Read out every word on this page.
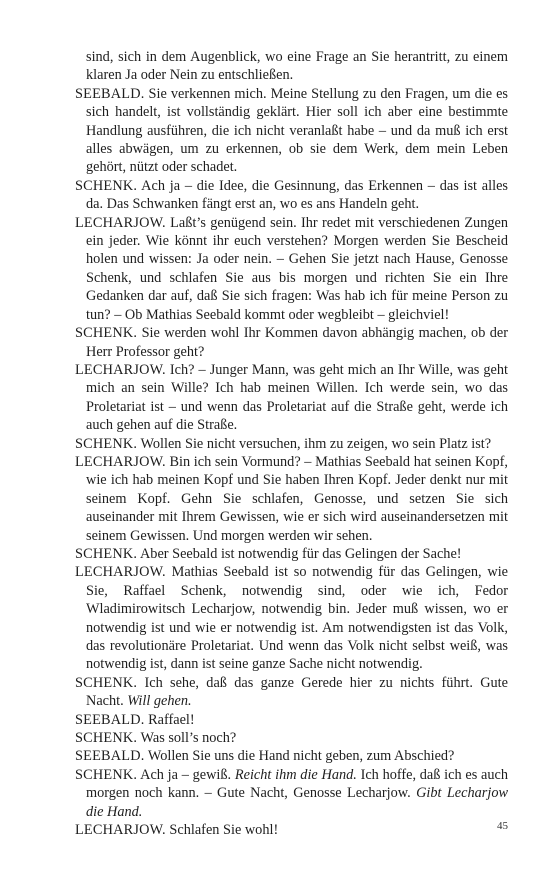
sind, sich in dem Augenblick, wo eine Frage an Sie herantritt, zu einem klaren Ja oder Nein zu entschließen.

SEEBALD. Sie verkennen mich. Meine Stellung zu den Fragen, um die es sich handelt, ist vollständig geklärt. Hier soll ich aber eine bestimmte Handlung ausführen, die ich nicht veranlaßt habe – und da muß ich erst alles abwägen, um zu erkennen, ob sie dem Werk, dem mein Leben gehört, nützt oder schadet.

SCHENK. Ach ja – die Idee, die Gesinnung, das Erkennen – das ist alles da. Das Schwanken fängt erst an, wo es ans Handeln geht.

LECHARJOW. Laßt’s genügend sein. Ihr redet mit verschiedenen Zungen ein jeder. Wie könnt ihr euch verstehen? Morgen werden Sie Bescheid holen und wissen: Ja oder nein. – Gehen Sie jetzt nach Hause, Genosse Schenk, und schlafen Sie aus bis morgen und richten Sie ein Ihre Gedanken dar auf, daß Sie sich fragen: Was hab ich für meine Person zu tun? – Ob Mathias Seebald kommt oder wegbleibt – gleichviel!

SCHENK. Sie werden wohl Ihr Kommen davon abhängig machen, ob der Herr Professor geht?

LECHARJOW. Ich? – Junger Mann, was geht mich an Ihr Wille, was geht mich an sein Wille? Ich hab meinen Willen. Ich werde sein, wo das Proletariat ist – und wenn das Proletariat auf die Straße geht, werde ich auch gehen auf die Straße.

SCHENK. Wollen Sie nicht versuchen, ihm zu zeigen, wo sein Platz ist?

LECHARJOW. Bin ich sein Vormund? – Mathias Seebald hat seinen Kopf, wie ich hab meinen Kopf und Sie haben Ihren Kopf. Jeder denkt nur mit seinem Kopf. Gehn Sie schlafen, Genosse, und setzen Sie sich auseinander mit Ihrem Gewissen, wie er sich wird auseinandersetzen mit seinem Gewissen. Und morgen werden wir sehen.

SCHENK. Aber Seebald ist notwendig für das Gelingen der Sache!

LECHARJOW. Mathias Seebald ist so notwendig für das Gelingen, wie Sie, Raffael Schenk, notwendig sind, oder wie ich, Fedor Wladimirowitsch Lecharjow, notwendig bin. Jeder muß wissen, wo er notwendig ist und wie er notwendig ist. Am notwendigsten ist das Volk, das revolutionäre Proletariat. Und wenn das Volk nicht selbst weiß, was notwendig ist, dann ist seine ganze Sache nicht notwendig.

SCHENK. Ich sehe, daß das ganze Gerede hier zu nichts führt. Gute Nacht. Will gehen.

SEEBALD. Raffael!

SCHENK. Was soll’s noch?

SEEBALD. Wollen Sie uns die Hand nicht geben, zum Abschied?

SCHENK. Ach ja – gewiß. Reicht ihm die Hand. Ich hoffe, daß ich es auch morgen noch kann. – Gute Nacht, Genosse Lecharjow. Gibt Lecharjow die Hand.

LECHARJOW. Schlafen Sie wohl!	45
